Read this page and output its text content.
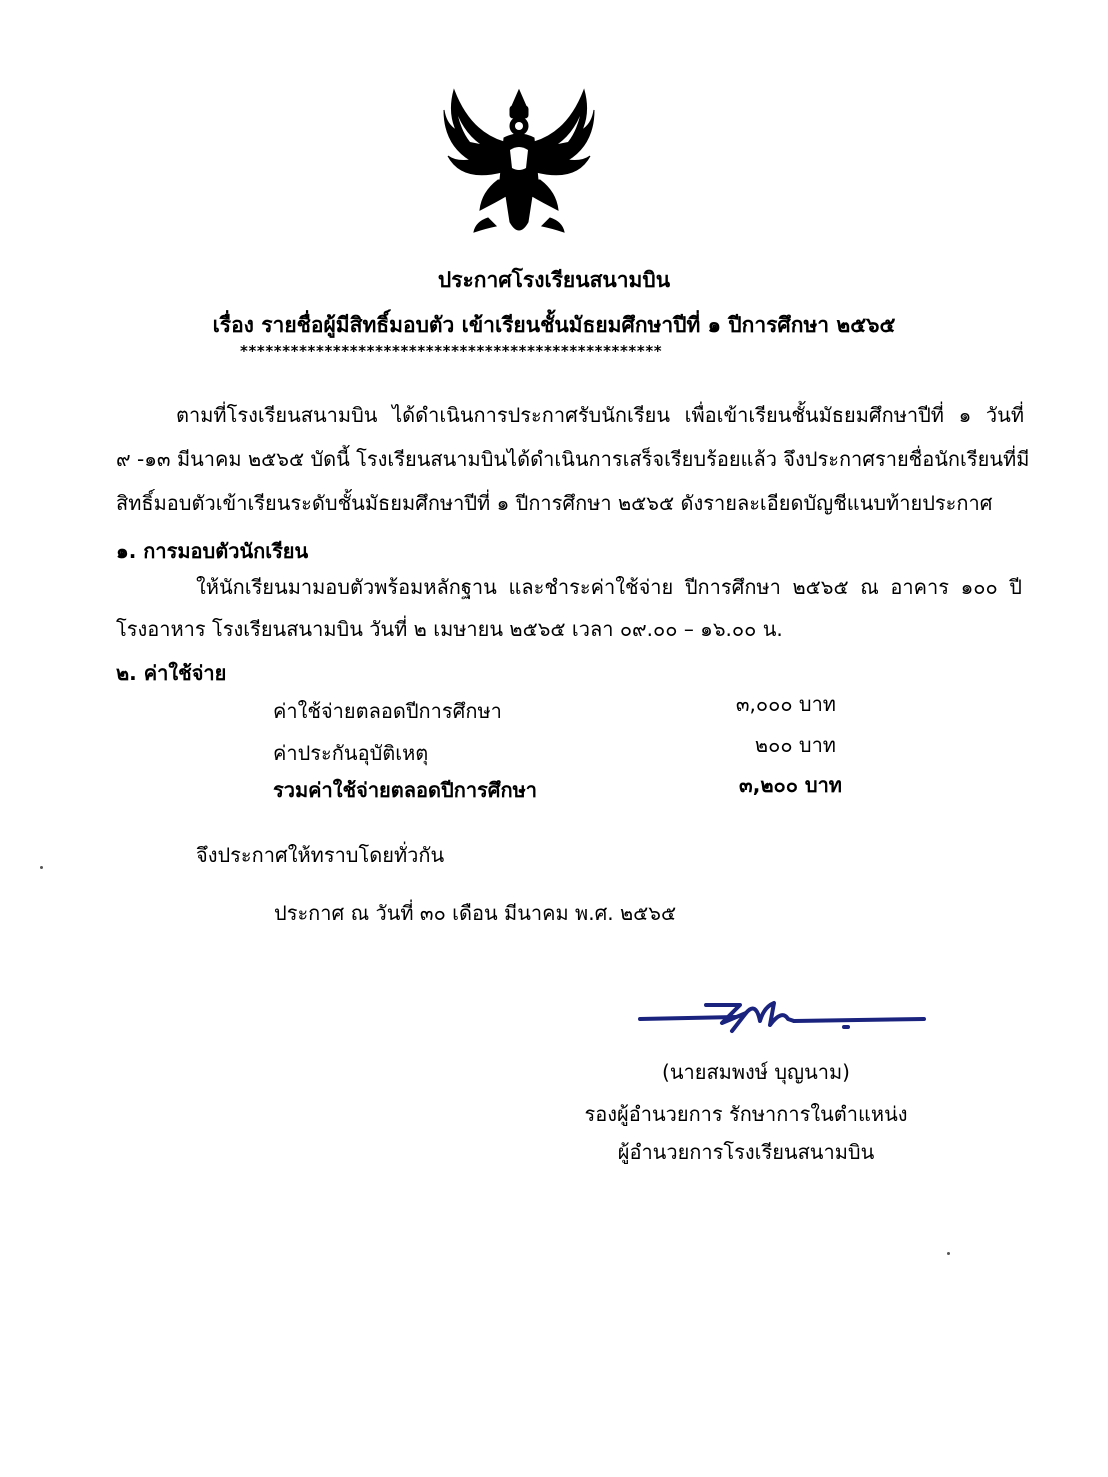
ประกาศโรงเรียนสนามบิน
เรื่อง รายชื่อผู้มีสิทธิ์มอบตัว เข้าเรียนชั้นมัธยมศึกษาปีที่ ๑ ปีการศึกษา ๒๕๖๕
**************************************************
ตามที่โรงเรียนสนามบิน ได้ดำเนินการประกาศรับนักเรียน เพื่อเข้าเรียนชั้นมัธยมศึกษาปีที่ ๑ วันที่
๙ -๑๓ มีนาคม ๒๕๖๕ บัดนี้ โรงเรียนสนามบินได้ดำเนินการเสร็จเรียบร้อยแล้ว จึงประกาศรายชื่อนักเรียนที่มี
สิทธิ์มอบตัวเข้าเรียนระดับชั้นมัธยมศึกษาปีที่ ๑ ปีการศึกษา ๒๕๖๕ ดังรายละเอียดบัญชีแนบท้ายประกาศ
๑. การมอบตัวนักเรียน
ให้นักเรียนมามอบตัวพร้อมหลักฐาน และชำระค่าใช้จ่าย ปีการศึกษา ๒๕๖๕ ณ อาคาร ๑๐๐ ปี
โรงอาหาร โรงเรียนสนามบิน วันที่ ๒ เมษายน ๒๕๖๕ เวลา ๐๙.๐๐ – ๑๖.๐๐ น.
๒. ค่าใช้จ่าย
ค่าใช้จ่ายตลอดปีการศึกษา	๓,๐๐๐ บาท
ค่าประกันอุบัติเหตุ	๒๐๐ บาท
รวมค่าใช้จ่ายตลอดปีการศึกษา	๓,๒๐๐ บาท
จึงประกาศให้ทราบโดยทั่วกัน
ประกาศ ณ วันที่ ๓๐ เดือน มีนาคม พ.ศ. ๒๕๖๕
(นายสมพงษ์ บุญนาม)
รองผู้อำนวยการ รักษาการในตำแหน่ง
ผู้อำนวยการโรงเรียนสนามบิน
